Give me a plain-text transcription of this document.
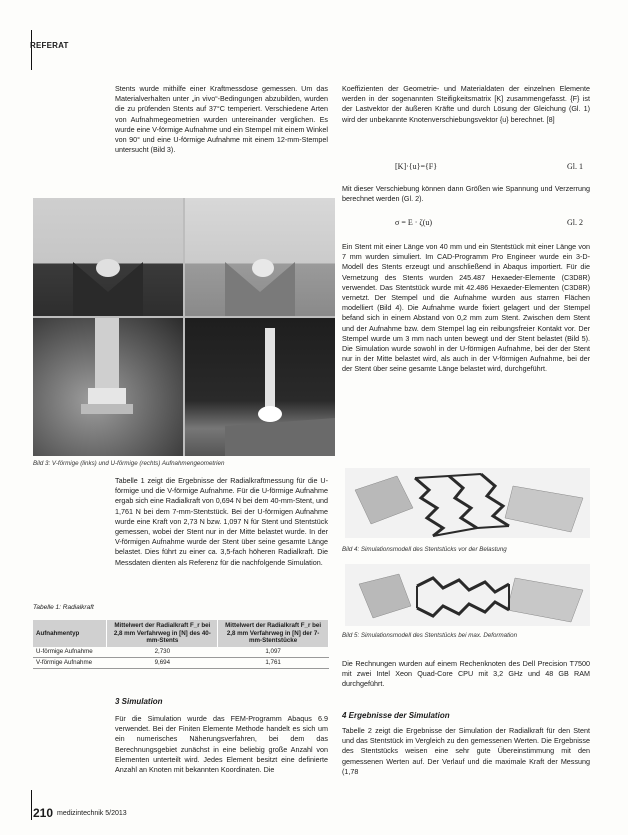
REFERAT

Stents wurde mithilfe einer Kraftmessdose gemessen. Um das Materialverhalten unter „in vivo“-Bedingungen abzubilden, wurden die zu prüfenden Stents auf 37°C temperiert. Verschiedene Arten von Aufnahmegeometrien wurden untereinander verglichen. Es wurde eine V-förmige Aufnahme und ein Stempel mit einem Winkel von 90° und eine U-förmige Aufnahme mit einem 12-mm-Stempel untersucht (Bild 3).

Koeffizienten der Geometrie- und Materialdaten der einzelnen Elemente werden in der sogenannten Steifigkeitsmatrix [K] zusammengefasst. {F} ist der Lastvektor der äußeren Kräfte und durch Lösung der Gleichung (Gl. 1) wird der unbekannte Knotenverschiebungsvektor {u} berechnet. [8]

[K]·{u}={F}	Gl. 1

Mit dieser Verschiebung können dann Größen wie Spannung und Verzerrung berechnet werden (Gl. 2).

σ = E · ζ(u)	Gl. 2

Ein Stent mit einer Länge von 40 mm und ein Stentstück mit einer Länge von 7 mm wurden simuliert. Im CAD-Programm Pro Engineer wurde ein 3-D-Modell des Stents erzeugt und anschließend in Abaqus importiert. Für die Vernetzung des Stents wurden 245.487 Hexaeder-Elemente (C3D8R) verwendet. Das Stentstück wurde mit 42.486 Hexaeder-Elementen (C3D8R) vernetzt. Der Stempel und die Aufnahme wurden aus starren Flächen modelliert (Bild 4). Die Aufnahme wurde fixiert gelagert und der Stempel befand sich in einem Abstand von 0,2 mm zum Stent. Zwischen dem Stent und der Aufnahme bzw. dem Stempel lag ein reibungsfreier Kontakt vor. Der Stempel wurde um 3 mm nach unten bewegt und der Stent belastet (Bild 5). Die Simulation wurde sowohl in der U-förmigen Aufnahme, bei der der Stent nur in der Mitte belastet wird, als auch in der V-förmigen Aufnahme, bei der der Stent über seine gesamte Länge belastet wird, durchgeführt.

Bild 3: V-förmige (links) und U-förmige (rechts) Aufnahmengeometrien

Tabelle 1 zeigt die Ergebnisse der Radialkraftmessung für die U-förmige und die V-förmige Aufnahme. Für die U-förmige Aufnahme ergab sich eine Radialkraft von 0,694 N bei dem 40-mm-Stent, und 1,761 N bei dem 7-mm-Stentstück. Bei der U-förmigen Aufnahme wurde eine Kraft von 2,73 N bzw. 1,097 N für Stent und Stentstück gemessen, wobei der Stent nur in der Mitte belastet wurde. In der V-förmigen Aufnahme wurde der Stent über seine gesamte Länge belastet. Dies führt zu einer ca. 3,5-fach höheren Radialkraft. Die Messdaten dienten als Referenz für die nachfolgende Simulation.

Bild 4: Simulationsmodell des Stentstücks vor der Belastung
Bild 5: Simulationsmodell des Stentstücks bei max. Deformation
Tabelle 1: Radialkraft
Aufnahmentyp	Mittelwert der Radialkraft F_r bei 2,8 mm Verfahrweg in [N] des 40-mm-Stents	Mittelwert der Radialkraft F_r bei 2,8 mm Verfahrweg in [N] der 7-mm-Stentstücke
U-förmige Aufnahme	2,730	1,097
V-förmige Aufnahme	9,694	1,761
3 Simulation

Für die Simulation wurde das FEM-Programm Abaqus 6.9 verwendet. Bei der Finiten Elemente Methode handelt es sich um ein numerisches Näherungsverfahren, bei dem das Berechnungsgebiet zunächst in eine beliebig große Anzahl von Elementen unterteilt wird. Jedes Element besitzt eine definierte Anzahl an Knoten mit bekannten Koordinaten. Die

Die Rechnungen wurden auf einem Rechenknoten des Dell Precision T7500 mit zwei Intel Xeon Quad-Core CPU mit 3,2 GHz und 48 GB RAM durchgeführt.

4 Ergebnisse der Simulation

Tabelle 2 zeigt die Ergebnisse der Simulation der Radialkraft für den Stent und das Stentstück im Vergleich zu den gemessenen Werten. Die Ergebnisse des Stentstücks weisen eine sehr gute Übereinstimmung mit den gemessenen Werten auf. Der Verlauf und die maximale Kraft der Messung (1,78

210 medizintechnik 5/2013
